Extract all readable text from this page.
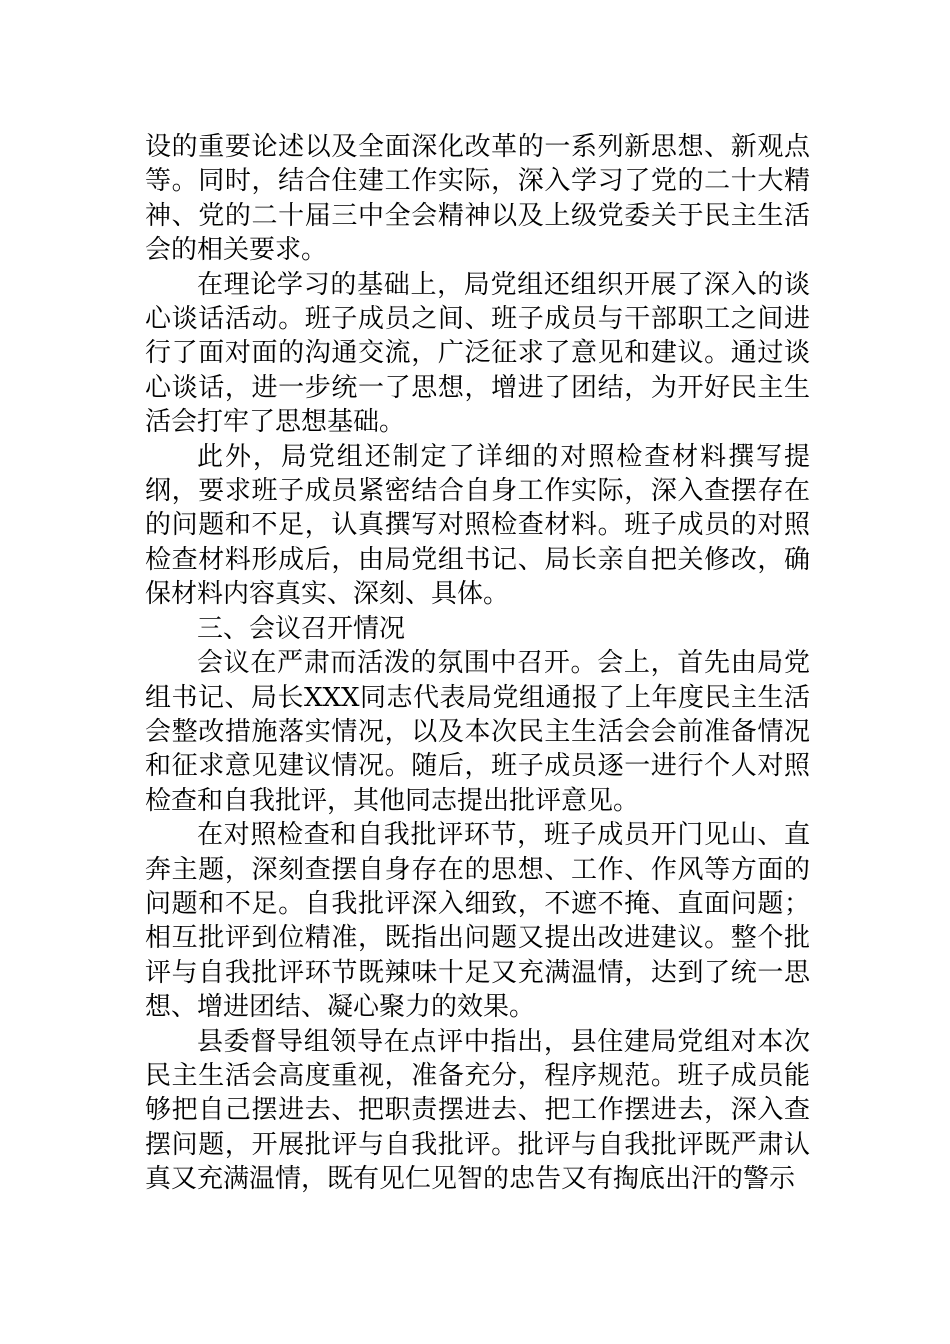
设的重要论述以及全面深化改革的一系列新思想、新观点等。同时，结合住建工作实际，深入学习了党的二十大精神、党的二十届三中全会精神以及上级党委关于民主生活会的相关要求。

在理论学习的基础上，局党组还组织开展了深入的谈心谈话活动。班子成员之间、班子成员与干部职工之间进行了面对面的沟通交流，广泛征求了意见和建议。通过谈心谈话，进一步统一了思想，增进了团结，为开好民主生活会打牢了思想基础。

此外，局党组还制定了详细的对照检查材料撰写提纲，要求班子成员紧密结合自身工作实际，深入查摆存在的问题和不足，认真撰写对照检查材料。班子成员的对照检查材料形成后，由局党组书记、局长亲自把关修改，确保材料内容真实、深刻、具体。

三、会议召开情况

会议在严肃而活泼的氛围中召开。会上，首先由局党组书记、局长XXX同志代表局党组通报了上年度民主生活会整改措施落实情况，以及本次民主生活会会前准备情况和征求意见建议情况。随后，班子成员逐一进行个人对照检查和自我批评，其他同志提出批评意见。

在对照检查和自我批评环节，班子成员开门见山、直奔主题，深刻查摆自身存在的思想、工作、作风等方面的问题和不足。自我批评深入细致，不遮不掩、直面问题；相互批评到位精准，既指出问题又提出改进建议。整个批评与自我批评环节既辣味十足又充满温情，达到了统一思想、增进团结、凝心聚力的效果。

县委督导组领导在点评中指出，县住建局党组对本次民主生活会高度重视，准备充分，程序规范。班子成员能够把自己摆进去、把职责摆进去、把工作摆进去，深入查摆问题，开展批评与自我批评。批评与自我批评既严肃认真又充满温情，既有见仁见智的忠告又有掏底出汗的警示
